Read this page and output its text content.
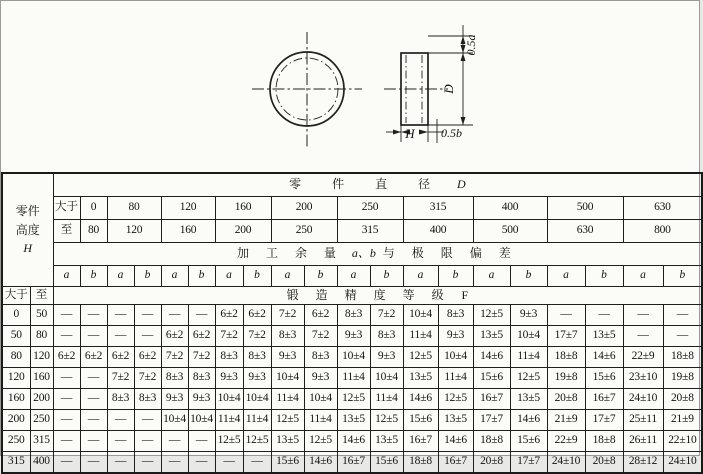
0.5a
D
H 0.5b
零件
高度
H		零 件 直 径 D																			
		大于	0	80		120		160		200		250		315		400		500		630	
		至	80	120		160		200		250		315		400		500		630		800	
		加 工 余 量 a、b 与 极 限 偏 差																			
		a	b	a	b	a	b	a	b	a	b	a	b	a	b	a	b	a	b	a	b
大于	至	锻 造 精 度 等 级 F																			
0	50	—	—	—	—	—	—	6±2	6±2	7±2	6±2	8±3	7±2	10±4	8±3	12±5	9±3	—	—	—	—
50	80	—	—	—	—	6±2	6±2	7±2	7±2	8±3	7±2	9±3	8±3	11±4	9±3	13±5	10±4	17±7	13±5	—	—
80	120	6±2	6±2	6±2	6±2	7±2	7±2	8±3	8±3	9±3	8±3	10±4	9±3	12±5	10±4	14±6	11±4	18±8	14±6	22±9	18±8
120	160	—	—	7±2	7±2	8±3	8±3	9±3	9±3	10±4	9±3	11±4	10±4	13±5	11±4	15±6	12±5	19±8	15±6	23±10	19±8
160	200	—	—	8±3	8±3	9±3	9±3	10±4	10±4	11±4	10±4	12±5	11±4	14±6	12±5	16±7	13±5	20±8	16±7	24±10	20±8
200	250	—	—	—	—	10±4	10±4	11±4	11±4	12±5	11±4	13±5	12±5	15±6	13±5	17±7	14±6	21±9	17±7	25±11	21±9
250	315	—	—	—	—	—	—	12±5	12±5	13±5	12±5	14±6	13±5	16±7	14±6	18±8	15±6	22±9	18±8	26±11	22±10
315	400	—	—	—	—	—	—	—	—	15±6	14±6	16±7	15±6	18±8	16±7	20±8	17±7	24±10	20±8	28±12	24±10
